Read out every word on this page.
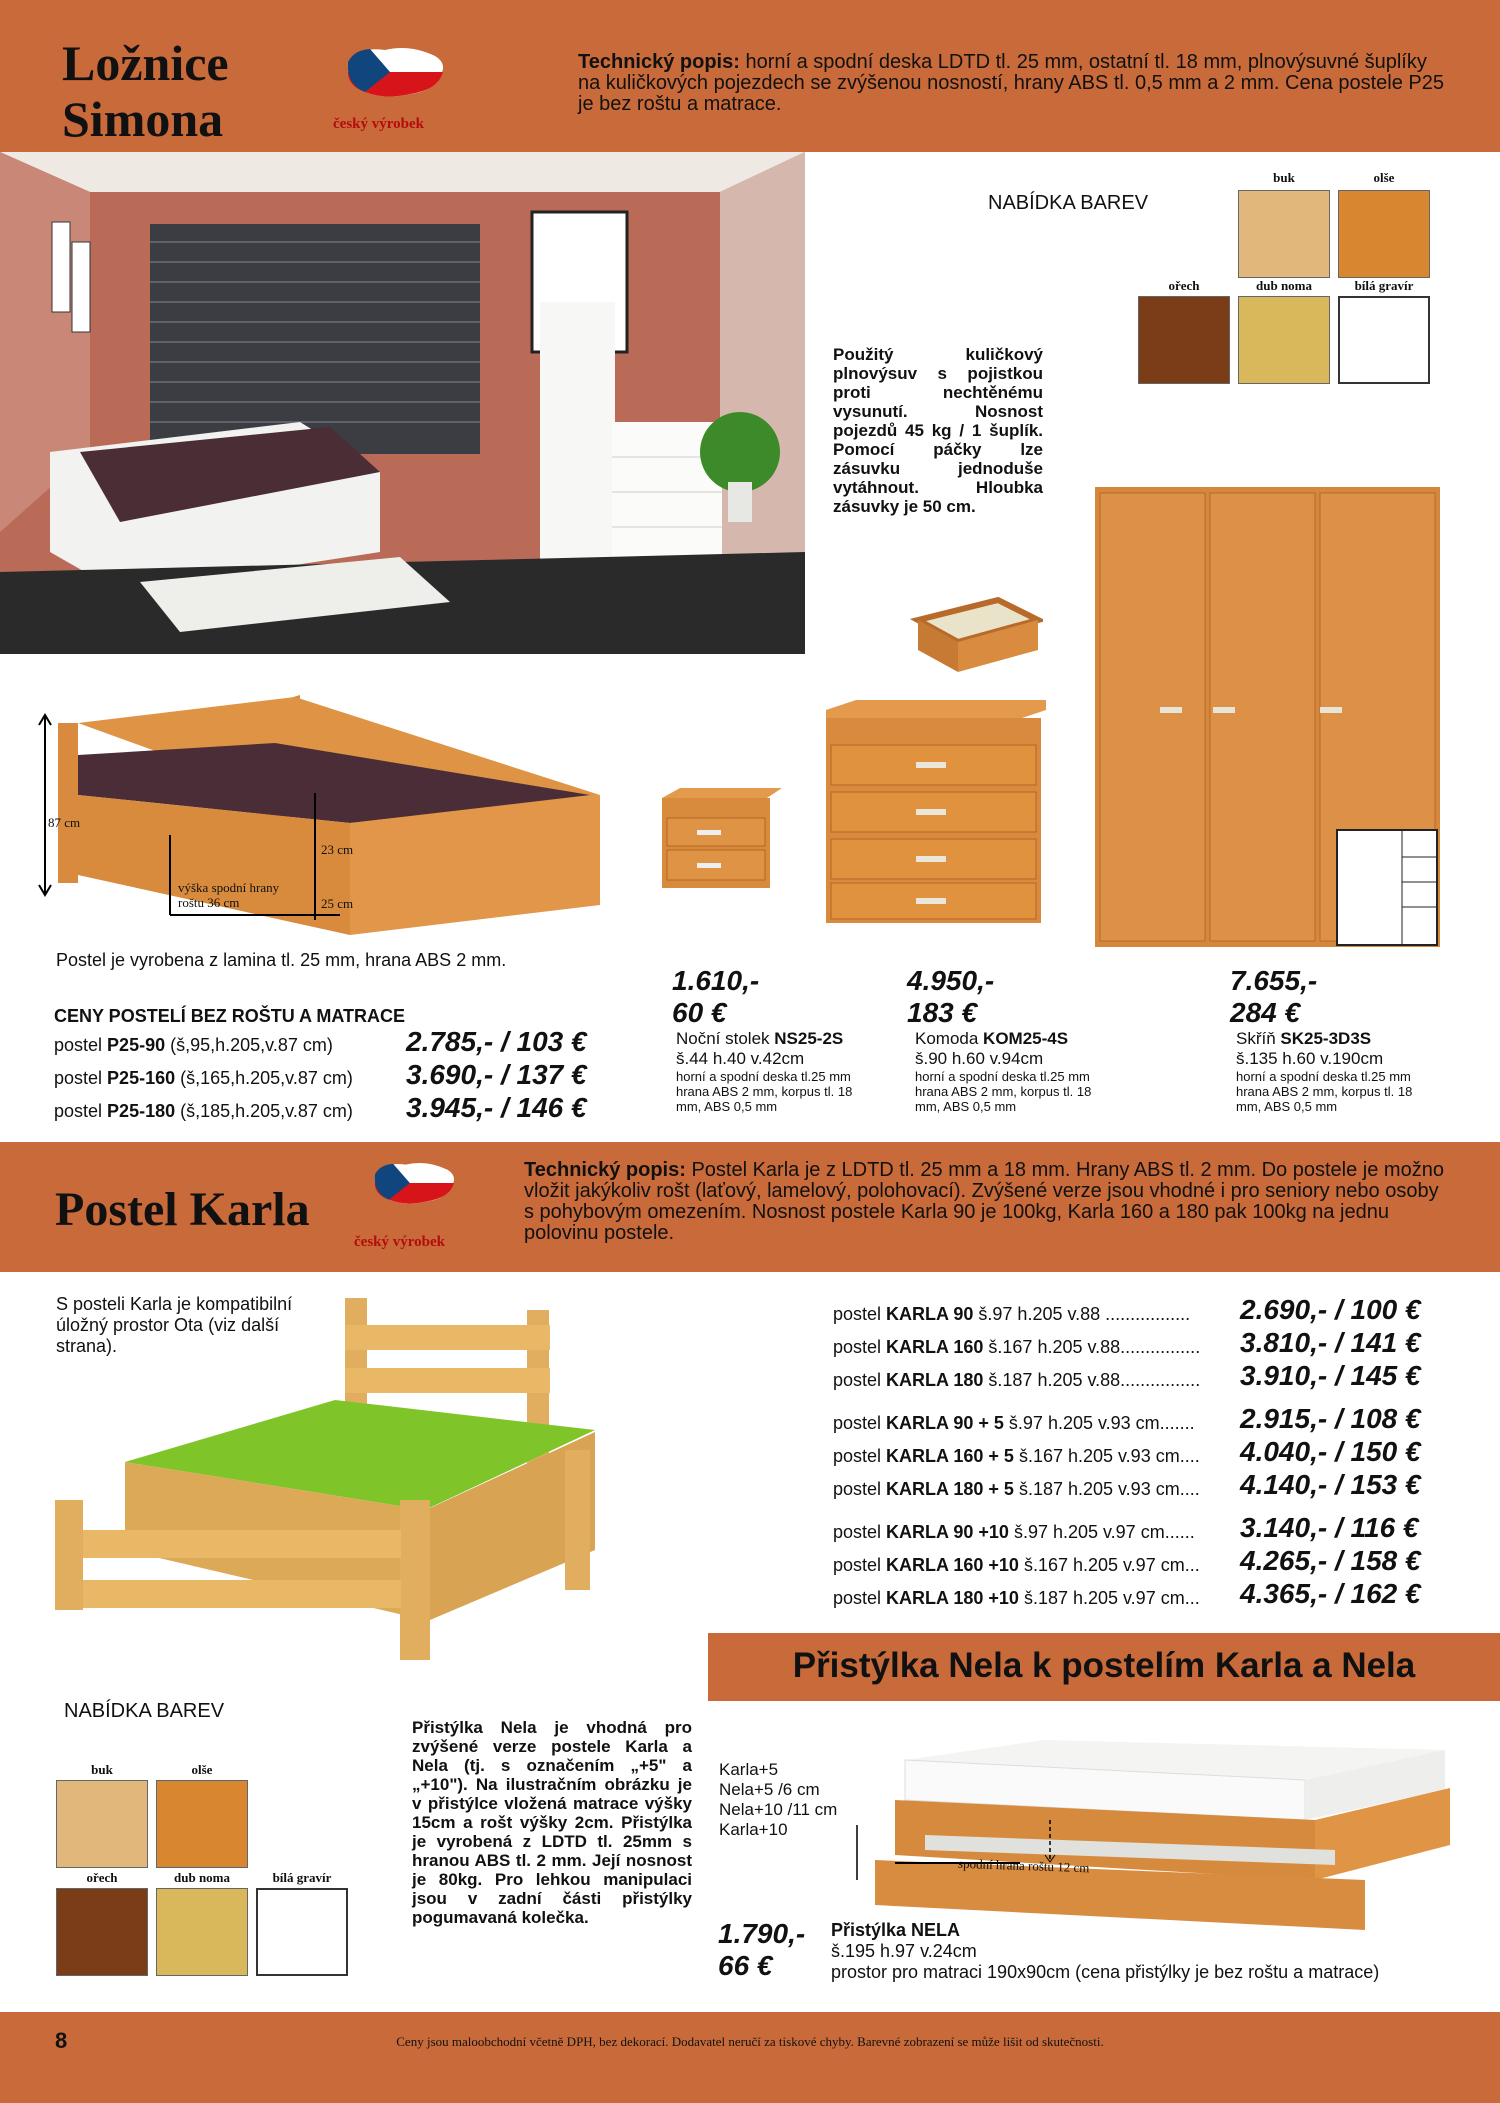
Ložnice
Simona	český výrobek
Technický popis: horní a spodní deska LDTD tl. 25 mm, ostatní tl. 18 mm, plnovýsuvné šuplíky na kuličkových pojezdech se zvýšenou nosností, hrany ABS tl. 0,5 mm a 2 mm. Cena postele P25 je bez roštu a matrace.
NABÍDKA BAREV
buk	olše
ořech	dub noma	bílá gravír
Použitý kuličkový plnovýsuv s pojistkou proti nechtěnému vysunutí. Nosnost pojezdů 45 kg / 1 šuplík. Pomocí páčky lze zásuvku jednoduše vytáhnout. Hloubka zásuvky je 50 cm.
87 cm
23 cm
25 cm
výška spodní hrany roštu 36 cm
Postel je vyrobena z lamina tl. 25 mm, hrana ABS 2 mm.
CENY POSTELÍ BEZ ROŠTU A MATRACE
postel P25-90 (š,95,h.205,v.87 cm)	2.785,- / 103 €
postel P25-160 (š,165,h.205,v.87 cm) 3.690,- / 137 €
postel P25-180 (š,185,h.205,v.87 cm) 3.945,- / 146 €
1.610,-
60 €
Noční stolek NS25-2S
š.44 h.40 v.42cm
horní a spodní deska tl.25 mm hrana ABS 2 mm, korpus tl. 18 mm, ABS 0,5 mm
4.950,-
183 €
Komoda KOM25-4S
š.90 h.60 v.94cm
horní a spodní deska tl.25 mm hrana ABS 2 mm, korpus tl. 18 mm, ABS 0,5 mm
7.655,-
284 €
Skříň SK25-3D3S
š.135 h.60 v.190cm
horní a spodní deska tl.25 mm hrana ABS 2 mm, korpus tl. 18 mm, ABS 0,5 mm
Postel Karla
český výrobek
Technický popis: Postel Karla je z LDTD tl. 25 mm a 18 mm. Hrany ABS tl. 2 mm. Do postele je možno vložit jakýkoliv rošt (laťový, lamelový, polohovací). Zvýšené verze jsou vhodné i pro seniory nebo osoby s pohybovým omezením. Nosnost postele Karla 90 je 100kg, Karla 160 a 180 pak 100kg na jednu polovinu postele.
S posteli Karla je kompatibilní úložný prostor Ota (viz další strana).
postel KARLA 90 š.97 h.205 v.88 ................. 2.690,- / 100 €
postel KARLA 160 š.167 h.205 v.88................ 3.810,- / 141 €
postel KARLA 180 š.187 h.205 v.88................ 3.910,- / 145 €
postel KARLA 90 + 5 š.97 h.205 v.93 cm....... 2.915,- / 108 €
postel KARLA 160 + 5 š.167 h.205 v.93 cm.... 4.040,- / 150 €
postel KARLA 180 + 5 š.187 h.205 v.93 cm.... 4.140,- / 153 €
postel KARLA 90 +10 š.97 h.205 v.97 cm...... 3.140,- / 116 €
postel KARLA 160 +10 š.167 h.205 v.97 cm... 4.265,- / 158 €
postel KARLA 180 +10 š.187 h.205 v.97 cm... 4.365,- / 162 €
Přistýlka Nela k postelím Karla a Nela
NABÍDKA BAREV
buk	olše
ořech	dub noma	bílá gravír
Přistýlka Nela je vhodná pro zvýšené verze postele Karla a Nela (tj. s označením „+5" a „+10"). Na ilustračním obrázku je v přistýlce vložená matrace výšky 15cm a rošt výšky 2cm. Přistýlka je vyrobená z LDTD tl. 25mm s hranou ABS tl. 2 mm. Její nosnost je 80kg. Pro lehkou manipulaci jsou v zadní části přistýlky pogumavaná kolečka.
Karla+5
Nela+5 /6 cm
Nela+10 /11 cm
Karla+10
spodní hrana roštu 12 cm
1.790,-
66 €
Přistýlka NELA
š.195 h.97 v.24cm
prostor pro matraci 190x90cm (cena přistýlky je bez roštu a matrace)
8	Ceny jsou maloobchodní včetně DPH, bez dekorací. Dodavatel neručí za tiskové chyby. Barevné zobrazení se může lišit od skutečnosti.
